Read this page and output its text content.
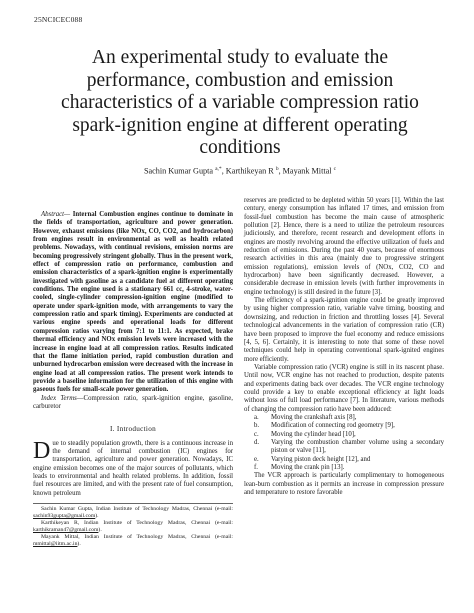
25NCICEC088
An experimental study to evaluate the
performance, combustion and emission
characteristics of a variable compression ratio
spark-ignition engine at different operating
conditions
Sachin Kumar Gupta $^{a,*}$, Karthikeyan R $^b$, Mayank Mittal $^c$

Abstract— Internal Combustion engines continue to dominate in the fields of transportation, agriculture and power generation. However, exhaust emissions (like NOx, CO, CO2, and hydrocarbon) from engines result in environmental as well as health related problems. Nowadays, with continual revisions, emission norms are becoming progressively stringent globally. Thus in the present work, effect of compression ratio on performance, combustion and emission characteristics of a spark-ignition engine is experimentally investigated with gasoline as a candidate fuel at different operating conditions. The engine used is a stationary 661 cc, 4-stroke, water-cooled, single-cylinder compression-ignition engine (modified to operate under spark-ignition mode, with arrangements to vary the compression ratio and spark timing). Experiments are conducted at various engine speeds and operational loads for different compression ratios varying from 7:1 to 11:1. As expected, brake thermal efficiency and NOx emission levels were increased with the increase in engine load at all compression ratios. Results indicated that the flame initiation period, rapid combustion duration and unburned hydrocarbon emission were decreased with the increase in engine load at all compression ratios. The present work intends to provide a baseline information for the utilization of this engine with gaseous fuels for small-scale power generation.

Index Terms—Compression ratio, spark-ignition engine, gasoline, carburetor

I. Introduction

Due to steadily population growth, there is a continuous increase in the demand of internal combustion (IC) engines for transportation, agriculture and power generation. Nowadays, IC engine emission becomes one of the major sources of pollutants, which leads to environmental and health related problems. In addition, fossil fuel resources are limited, and with the present rate of fuel consumption, known petroleum

Sachin Kumar Gupta, Indian Institute of Technology Madras, Chennai (e-mail: sachin93gupta@gmail.com).

Karthikeyan R, Indian Institute of Technology Madras, Chennai (e-mail: karthikraman47@gmail.com).

Mayank Mittal, Indian Institute of Technology Madras, Chennai (e-mail: mmittal@iitm.ac.in).

reserves are predicted to be depleted within 50 years [1]. Within the last century, energy consumption has inflated 17 times, and emission from fossil-fuel combustion has become the main cause of atmospheric pollution [2]. Hence, there is a need to utilize the petroleum resources judiciously, and therefore, recent research and development efforts in engines are mostly revolving around the effective utilization of fuels and reduction of emissions. During the past 40 years, because of enormous research activities in this area (mainly due to progressive stringent emission regulations), emission levels of (NOx, CO2, CO and hydrocarbon) have been significantly decreased. However, a considerable decrease in emission levels (with further improvements in engine technology) is still desired in the future [3].

The efficiency of a spark-ignition engine could be greatly improved by using higher compression ratio, variable valve timing, boosting and downsizing, and reduction in friction and throttling losses [4]. Several technological advancements in the variation of compression ratio (CR) have been proposed to improve the fuel economy and reduce emissions [4, 5, 6]. Certainly, it is interesting to note that some of these novel techniques could help in operating conventional spark-ignited engines more efficiently.

Variable compression ratio (VCR) engine is still in its nascent phase. Until now, VCR engine has not reached to production, despite patents and experiments dating back over decades. The VCR engine technology could provide a key to enable exceptional efficiency at light loads without loss of full load performance [7]. In literature, various methods of changing the compression ratio have been adduced:

a. Moving the crankshaft axis [8],
b. Modification of connecting rod geometry [9],
c. Moving the cylinder head [10],
d. Varying the combustion chamber volume using a secondary piston or valve [11],
e. Varying piston deck height [12], and
f. Moving the crank pin [13].

The VCR approach is particularly complimentary to homogeneous lean-burn combustion as it permits an increase in compression pressure and temperature to restore favorable
